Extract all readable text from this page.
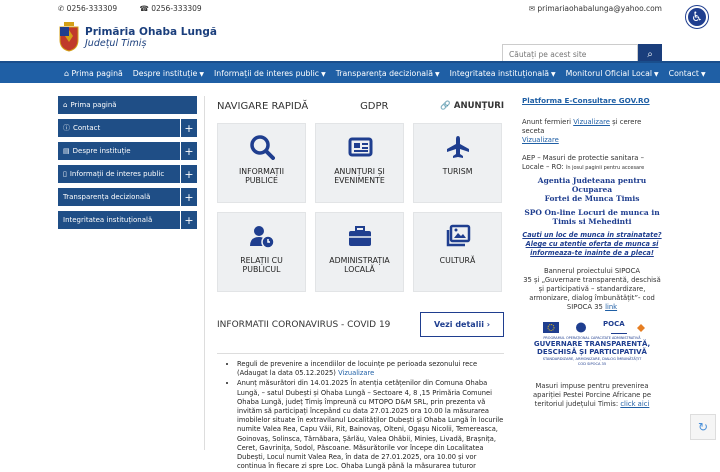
✆ 0256-333309	☎ 0256-333309	✉ primariaohabalunga@yahoo.com
♿
Primăria Ohaba Lungă
Județul Timiș
Căutați pe acest site
⌕
⌂ Prima pagină Despre instituție ▼ Informații de interes public ▼ Transparența decizională ▼ Integritatea instituțională ▼ Monitorul Oficial Local ▼ Contact ▼
⌂ Prima pagină
ⓘ Contact	+
▤ Despre instituție	+
▯ Informații de interes public	+
Transparența decizională	+
Integritatea instituțională	+
NAVIGARE RAPIDĂ	GDPR	🔗 ANUNȚURI
INFORMAȚII
PUBLICE
ANUNȚURI ȘI
EVENIMENTE
TURISM
RELAȚII CU
PUBLICUL
ADMINISTRAȚIA
LOCALĂ
CULTURĂ
INFORMATII CORONAVIRUS - COVID 19	Vezi detalii
›
• Reguli de prevenire a incendiilor de locuințe pe perioada sezonului rece (Adaugat la data 05.12.2025) Vizualizare
• Anunț măsurători din 14.01.2025 În atenția cetățenilor din Comuna Ohaba Lungă, – satul Dubești și Ohaba Lungă – Sectoare 4, 8 ,15 Primăria Comunei Ohaba Lungă, județ Timiș împreună cu MTOPO D&M SRL, prin prezenta vă invităm să participați începând cu data 27.01.2025 ora 10.00 la măsurarea imobilelor situate în extravilanul Localităților Dubești și Ohaba Lungă în locurile numite Valea Rea, Capu Văii, Rit, Bainovaș, Olteni, Ogașu Nicolii, Temereasca, Goinovaș, Solinsca, Tărnăbara, Șărlău, Valea Ohăbii, Minieș, Livadă, Brașnița, Ceret, Gavrinița, Sodol, Păscoane. Măsurătorile vor începe din Localitatea Dubești, Locul numit Valea Rea, în data de 27.01.2025, ora 10.00 și vor continua în fiecare zi spre Loc. Ohaba Lungă până la măsurarea tuturor
Platforma E-Consultare GOV.RO
Anunt fermieri Vizualizare și cerere seceta
Vizualizare
AEP – Masuri de protectie sanitara – Locale – RO: în josul paginii pentru accesare
Agentia Judeteana pentru Ocuparea
Fortei de Munca Timis
SPO On-line Locuri de munca in
Timis si Mehedinti
Cauti un loc de munca in strainatate? Alege cu atentie oferta de munca si informeaza-te inainte de a pleca!
Bannerul proiectului SIPOCA
35 și „Guvernare transparentă, deschisă și participativă – standardizare, armonizare, dialog îmbunătățit”- cod SIPOCA 35 link
POCA
PROGRAMUL OPERAȚIONAL CAPACITATE ADMINISTRATIVĂ
GUVERNARE TRANSPARENTĂ,
DESCHISĂ ȘI PARTICIPATIVĂ
STANDARDIZARE, ARMONIZARE, DIALOG ÎMBUNĂTĂȚIT
COD SIPOCA 35
Masuri impuse pentru prevenirea apariției Pestei Porcine Africane pe teritoriul județului Timis: click aici
↻
